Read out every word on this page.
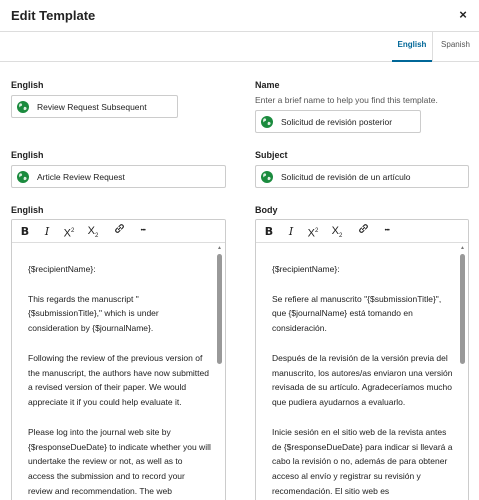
Edit Template	×
English	Spanish
English
Review Request Subsequent
Name
Enter a brief name to help you find this template.
Solicitud de revisión posterior
English
Article Review Request
Subject
Solicitud de revisión de un artículo
English	Body
B	I	$X^2$	$X_2$
•••
▲

{$recipientName}:

This regards the manuscript "{$submissionTitle}," which is under consideration by {$journalName}.

Following the review of the previous version of the manuscript, the authors have now submitted a revised version of their paper. We would appreciate it if you could help evaluate it.

Please log into the journal web site by {$responseDueDate} to indicate whether you will undertake the review or not, as well as to access the submission and to record your review and recommendation. The web

B	I	$X^2$	$X_2$
•••
▲

{$recipientName}:

Se refiere al manuscrito "{$submissionTitle}", que {$journalName} está tomando en consideración.

Después de la revisión de la versión previa del manuscrito, los autores/as enviaron una versión revisada de su artículo. Agradeceríamos mucho que pudiera ayudarnos a evaluarlo.

Inicie sesión en el sitio web de la revista antes de {$responseDueDate} para indicar si llevará a cabo la revisión o no, además de para obtener acceso al envío y registrar su revisión y recomendación. El sitio web es
